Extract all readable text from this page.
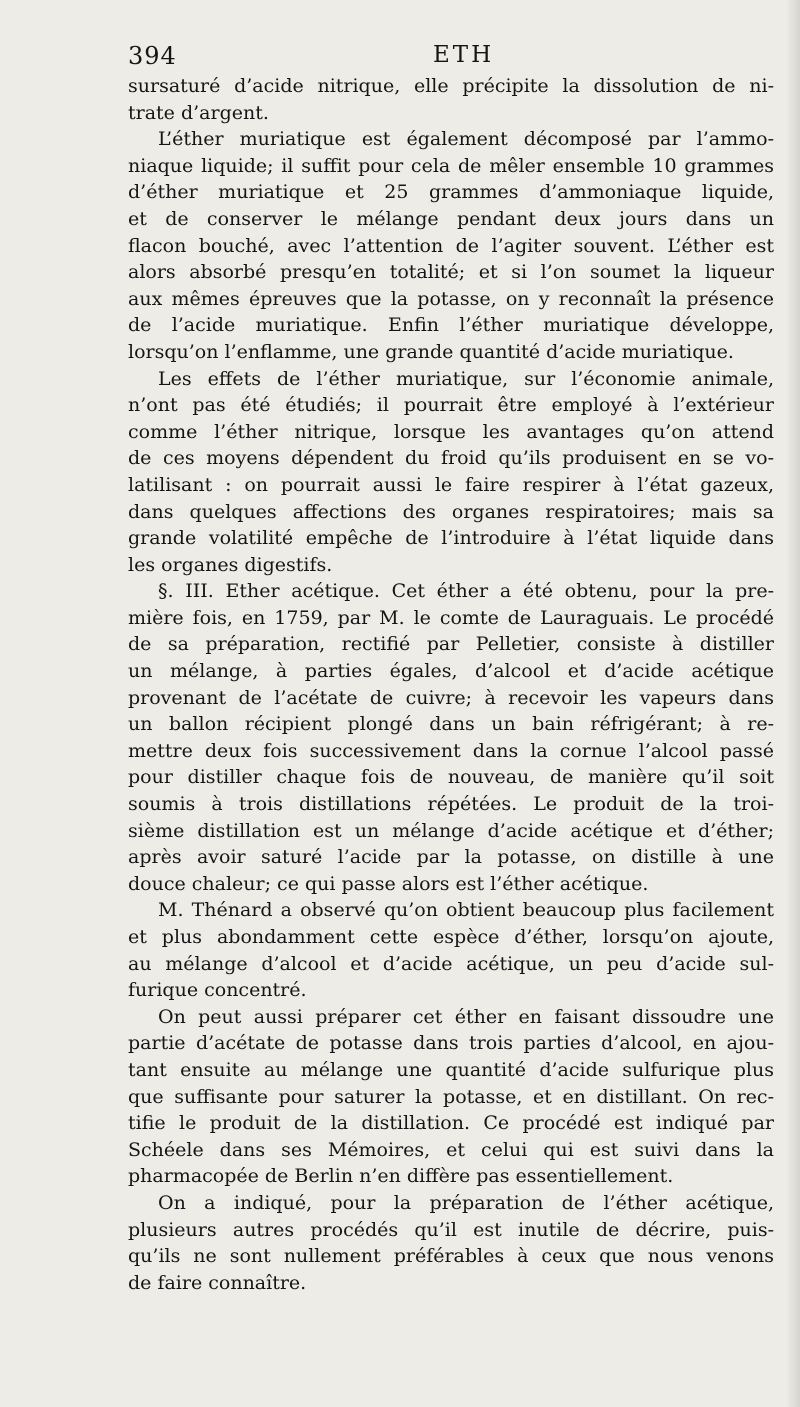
394	ETH
sursaturé d’acide nitrique, elle précipite la dissolution de ni-
trate d’argent.
L’éther muriatique est également décomposé par l’ammo-
niaque liquide; il suffit pour cela de mêler ensemble 10 grammes
d’éther muriatique et 25 grammes d’ammoniaque liquide,
et de conserver le mélange pendant deux jours dans un
flacon bouché, avec l’attention de l’agiter souvent. L’éther est
alors absorbé presqu’en totalité; et si l’on soumet la liqueur
aux mêmes épreuves que la potasse, on y reconnaît la présence
de l’acide muriatique. Enfin l’éther muriatique développe,
lorsqu’on l’enflamme, une grande quantité d’acide muriatique.
Les effets de l’éther muriatique, sur l’économie animale,
n’ont pas été étudiés; il pourrait être employé à l’extérieur
comme l’éther nitrique, lorsque les avantages qu’on attend
de ces moyens dépendent du froid qu’ils produisent en se vo-
latilisant : on pourrait aussi le faire respirer à l’état gazeux,
dans quelques affections des organes respiratoires; mais sa
grande volatilité empêche de l’introduire à l’état liquide dans
les organes digestifs.
§. III. Ether acétique. Cet éther a été obtenu, pour la pre-
mière fois, en 1759, par M. le comte de Lauraguais. Le procédé
de sa préparation, rectifié par Pelletier, consiste à distiller
un mélange, à parties égales, d’alcool et d’acide acétique
provenant de l’acétate de cuivre; à recevoir les vapeurs dans
un ballon récipient plongé dans un bain réfrigérant; à re-
mettre deux fois successivement dans la cornue l’alcool passé
pour distiller chaque fois de nouveau, de manière qu’il soit
soumis à trois distillations répétées. Le produit de la troi-
sième distillation est un mélange d’acide acétique et d’éther;
après avoir saturé l’acide par la potasse, on distille à une
douce chaleur; ce qui passe alors est l’éther acétique.
M. Thénard a observé qu’on obtient beaucoup plus facilement
et plus abondamment cette espèce d’éther, lorsqu’on ajoute,
au mélange d’alcool et d’acide acétique, un peu d’acide sul-
furique concentré.
On peut aussi préparer cet éther en faisant dissoudre une
partie d’acétate de potasse dans trois parties d’alcool, en ajou-
tant ensuite au mélange une quantité d’acide sulfurique plus
que suffisante pour saturer la potasse, et en distillant. On rec-
tifie le produit de la distillation. Ce procédé est indiqué par
Schéele dans ses Mémoires, et celui qui est suivi dans la
pharmacopée de Berlin n’en diffère pas essentiellement.
On a indiqué, pour la préparation de l’éther acétique,
plusieurs autres procédés qu’il est inutile de décrire, puis-
qu’ils ne sont nullement préférables à ceux que nous venons
de faire connaître.
